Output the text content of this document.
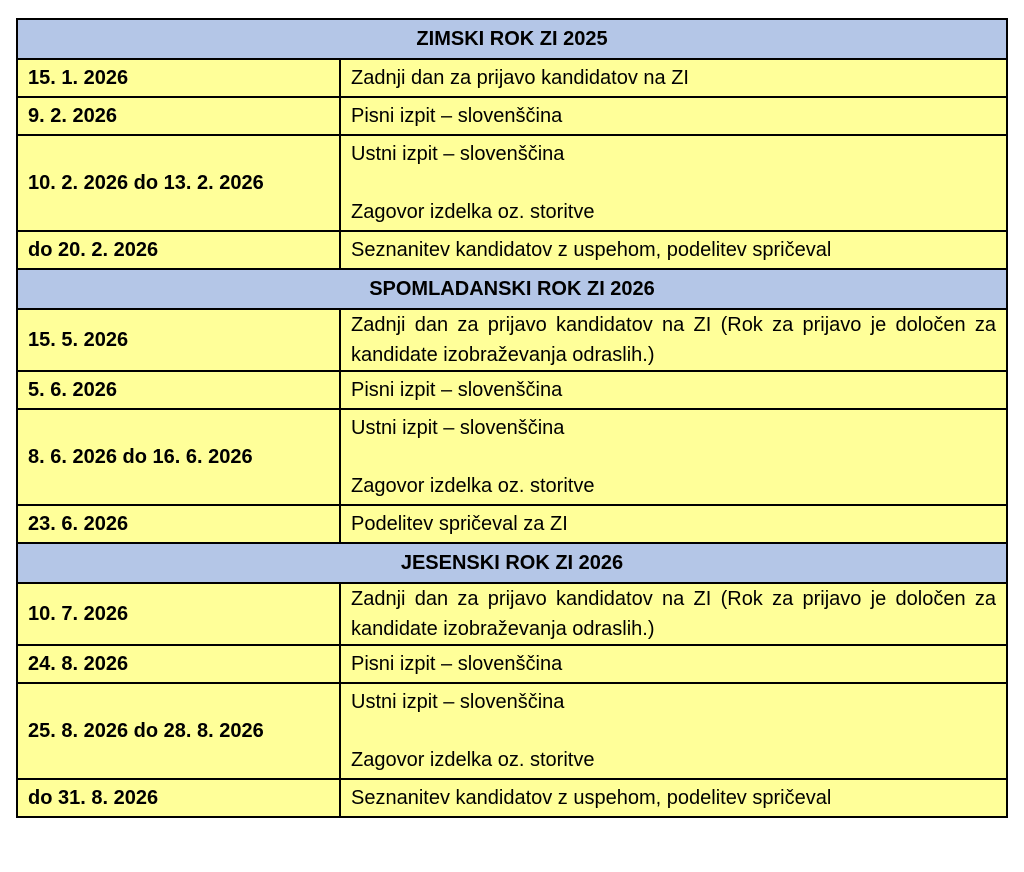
ZIMSKI ROK ZI 2025	
15. 1. 2026	Zadnji dan za prijavo kandidatov na ZI
9. 2. 2026	Pisni izpit – slovenščina
10. 2. 2026 do 13. 2. 2026	Ustni izpit – slovenščina
Zagovor izdelka oz. storitve

do 20. 2. 2026	Seznanitev kandidatov z uspehom, podelitev spričeval
SPOMLADANSKI ROK ZI 2026	
15. 5. 2026	Zadnji dan za prijavo kandidatov na ZI (Rok za prijavo je določen za kandidate izobraževanja odraslih.)
5. 6. 2026	Pisni izpit – slovenščina
8. 6. 2026 do 16. 6. 2026	Ustni izpit – slovenščina
Zagovor izdelka oz. storitve

23. 6. 2026	Podelitev spričeval za ZI
JESENSKI ROK ZI 2026	
10. 7. 2026	Zadnji dan za prijavo kandidatov na ZI (Rok za prijavo je določen za kandidate izobraževanja odraslih.)
24. 8. 2026	Pisni izpit – slovenščina
25. 8. 2026 do 28. 8. 2026	Ustni izpit – slovenščina
Zagovor izdelka oz. storitve

do 31. 8. 2026	Seznanitev kandidatov z uspehom, podelitev spričeval
